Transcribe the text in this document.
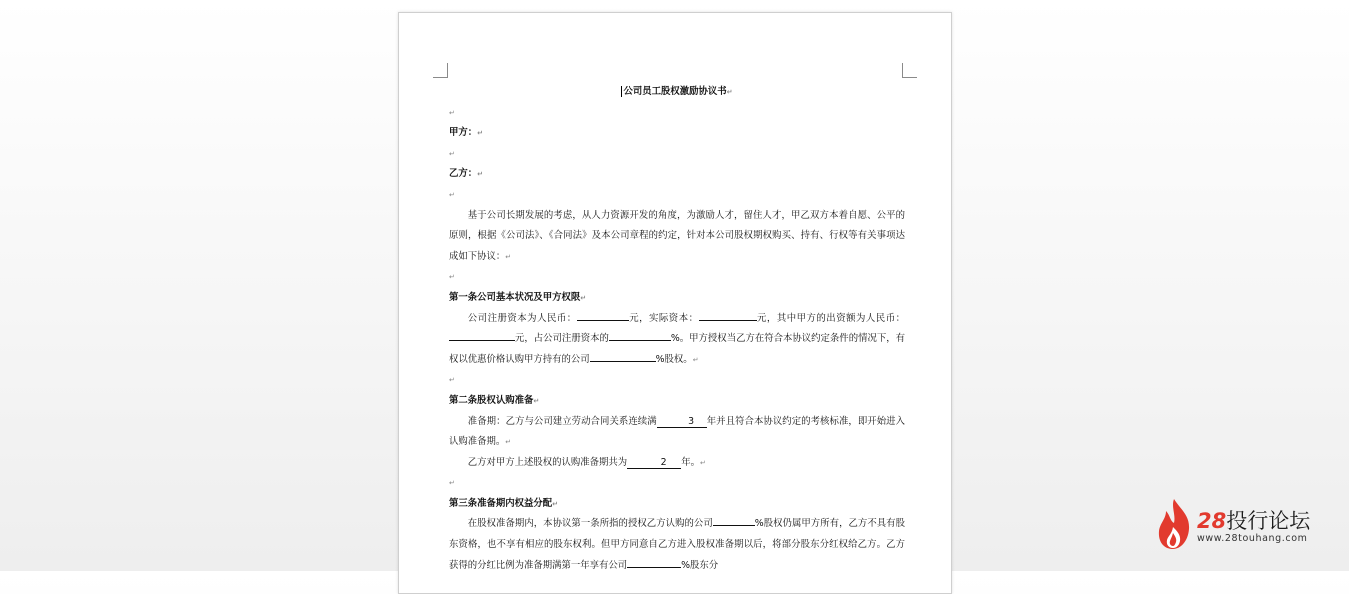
公司员工股权激励协议书↵
↵
甲方：↵
↵
乙方：↵
↵

基于公司长期发展的考虑，从人力资源开发的角度，为激励人才，留住人才，甲乙双方本着自愿、公平的原则，根据《公司法》、《合同法》及本公司章程的约定，针对本公司股权期权购买、持有、行权等有关事项达成如下协议：↵

↵
第一条公司基本状况及甲方权限↵

公司注册资本为人民币：	元，实际资本：	元，其中甲方的出资额为人民币：元，占公司注册资本的	%。甲方授权当乙方在符合本协议约定条件的情况下，有权以优惠价格认购甲方持有的公司	%股权。↵

↵
第二条股权认购准备↵

准备期：乙方与公司建立劳动合同关系连续满	3 年并且符合本协议约定的考核标准，即开始进入认购准备期。↵

乙方对甲方上述股权的认购准备期共为	2 年。↵

↵
第三条准备期内权益分配↵

在股权准备期内，本协议第一条所指的授权乙方认购的公司	%股权仍属甲方所有，乙方不具有股东资格，也不享有相应的股东权利。但甲方同意自乙方进入股权准备期以后，将部分股东分红权给乙方。乙方获得的分红比例为准备期满第一年享有公司	%股东分

28投行论坛
www.28touhang.com
